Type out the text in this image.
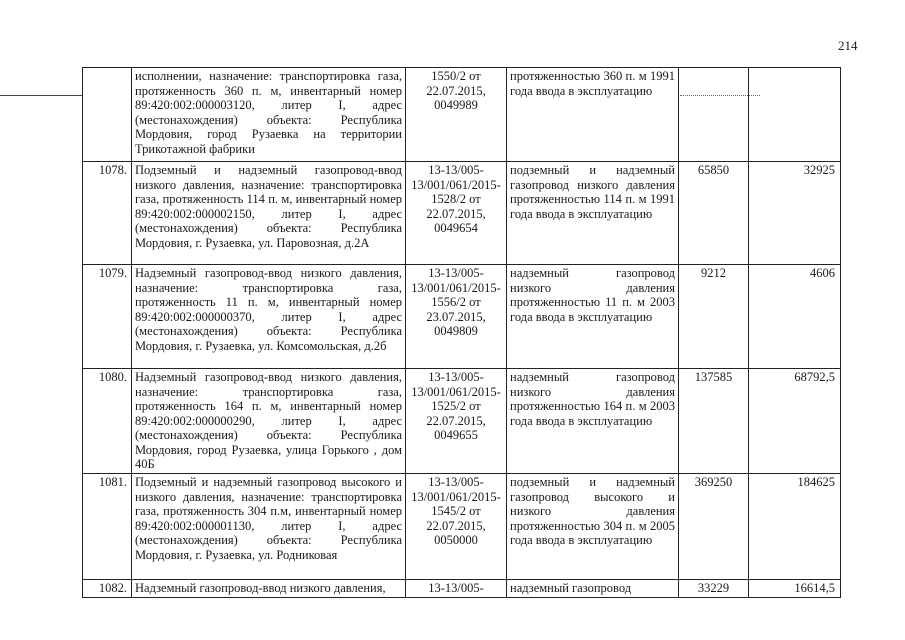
214
	исполнении, назначение: транспортировка газа, протяженность 360 п. м, инвентарный номер 89:420:002:000003120, литер I, адрес (местонахождения) объекта: Республика Мордовия, город Рузаевка на территории Трикотажной фабрики	1550/2 от 22.07.2015, 0049989	протяженностью 360 п. м 1991 года ввода в эксплуатацию		
1078.	Подземный и надземный газопровод-ввод низкого давления, назначение: транспортировка газа, протяженность 114 п. м, инвентарный номер 89:420:002:000002150, литер I, адрес (местонахождения) объекта: Республика Мордовия, г. Рузаевка, ул. Паровозная, д.2А	13-13/005-13/001/061/2015-1528/2 от 22.07.2015, 0049654	подземный и надземный газопровод низкого давления протяженностью 114 п. м 1991 года ввода в эксплуатацию	65850	32925
1079.	Надземный газопровод-ввод низкого давления, назначение: транспортировка газа, протяженность 11 п. м, инвентарный номер 89:420:002:000000370, литер I, адрес (местонахождения) объекта: Республика Мордовия, г. Рузаевка, ул. Комсомольская, д.2б	13-13/005-13/001/061/2015-1556/2 от 23.07.2015, 0049809	надземный газопровод низкого давления протяженностью 11 п. м 2003 года ввода в эксплуатацию	9212	4606
1080.	Надземный газопровод-ввод низкого давления, назначение: транспортировка газа, протяженность 164 п. м, инвентарный номер 89:420:002:000000290, литер I, адрес (местонахождения) объекта: Республика Мордовия, город Рузаевка, улица Горького , дом 40Б	13-13/005-13/001/061/2015-1525/2 от 22.07.2015, 0049655	надземный газопровод низкого давления протяженностью 164 п. м 2003 года ввода в эксплуатацию	137585	68792,5
1081.	Подземный и надземный газопровод высокого и низкого давления, назначение: транспортировка газа, протяженность 304 п.м, инвентарный номер 89:420:002:000001130, литер I, адрес (местонахождения) объекта: Республика Мордовия, г. Рузаевка, ул. Родниковая	13-13/005-13/001/061/2015-1545/2 от 22.07.2015, 0050000	подземный и надземный газопровод высокого и низкого давления протяженностью 304 п. м 2005 года ввода в эксплуатацию	369250	184625
1082.	Надземный газопровод-ввод низкого давления,	13-13/005-	надземный газопровод	33229	16614,5
